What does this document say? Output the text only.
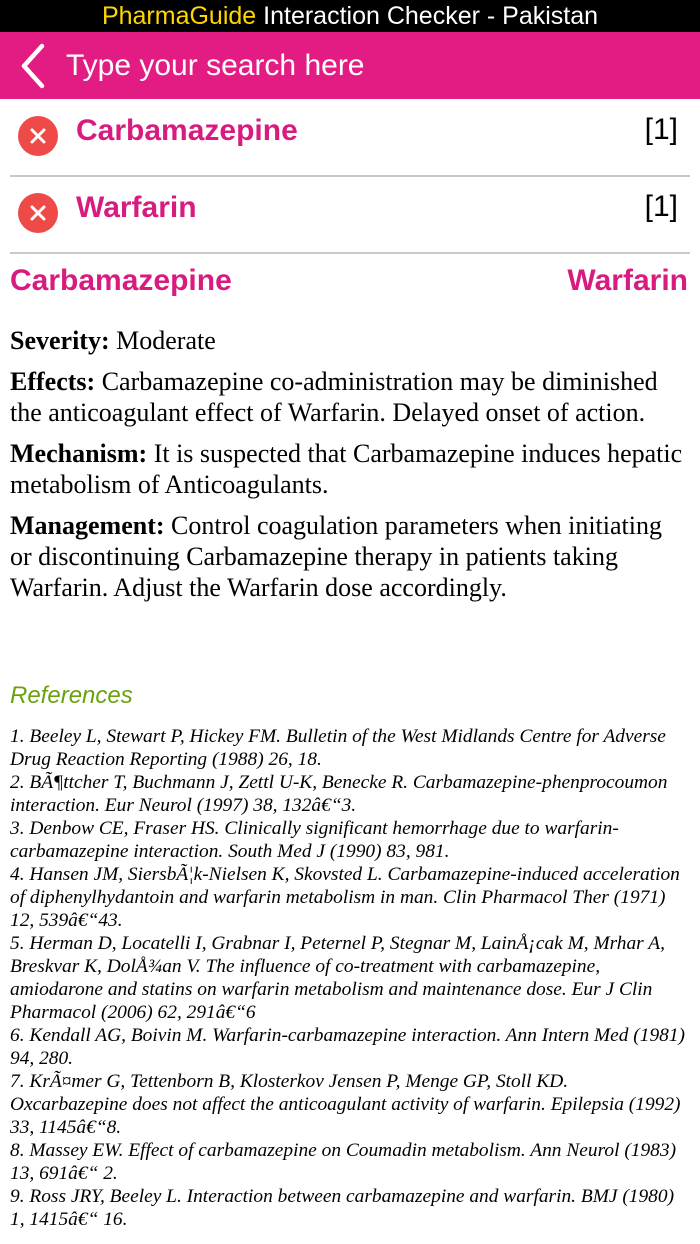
PharmaGuide Interaction Checker - Pakistan
Type your search here
Carbamazepine	[1]
Warfarin	[1]
Carbamazepine	Warfarin

Severity: Moderate

Effects: Carbamazepine co-administration may be diminished the anticoagulant effect of Warfarin. Delayed onset of action.

Mechanism: It is suspected that Carbamazepine induces hepatic metabolism of Anticoagulants.

Management: Control coagulation parameters when initiating or discontinuing Carbamazepine therapy in patients taking Warfarin. Adjust the Warfarin dose accordingly.

References
1. Beeley L, Stewart P, Hickey FM. Bulletin of the West Midlands Centre for Adverse Drug Reaction Reporting (1988) 26, 18.
2. BÃ¶ttcher T, Buchmann J, Zettl U-K, Benecke R. Carbamazepine-phenprocoumon interaction. Eur Neurol (1997) 38, 132â€“3.
3. Denbow CE, Fraser HS. Clinically significant hemorrhage due to warfarin-carbamazepine interaction. South Med J (1990) 83, 981.
4. Hansen JM, SiersbÃ¦k-Nielsen K, Skovsted L. Carbamazepine-induced acceleration of diphenylhydantoin and warfarin metabolism in man. Clin Pharmacol Ther (1971) 12, 539â€“43.
5. Herman D, Locatelli I, Grabnar I, Peternel P, Stegnar M, LainÅ¡cak M, Mrhar A, Breskvar K, DolÅ¾an V. The influence of co-treatment with carbamazepine, amiodarone and statins on warfarin metabolism and maintenance dose. Eur J Clin Pharmacol (2006) 62, 291â€“6
6. Kendall AG, Boivin M. Warfarin-carbamazepine interaction. Ann Intern Med (1981) 94, 280.
7. KrÃ¤mer G, Tettenborn B, Klosterkov Jensen P, Menge GP, Stoll KD. Oxcarbazepine does not affect the anticoagulant activity of warfarin. Epilepsia (1992) 33, 1145â€“8.
8. Massey EW. Effect of carbamazepine on Coumadin metabolism. Ann Neurol (1983) 13, 691â€“ 2.
9. Ross JRY, Beeley L. Interaction between carbamazepine and warfarin. BMJ (1980) 1, 1415â€“ 16.
